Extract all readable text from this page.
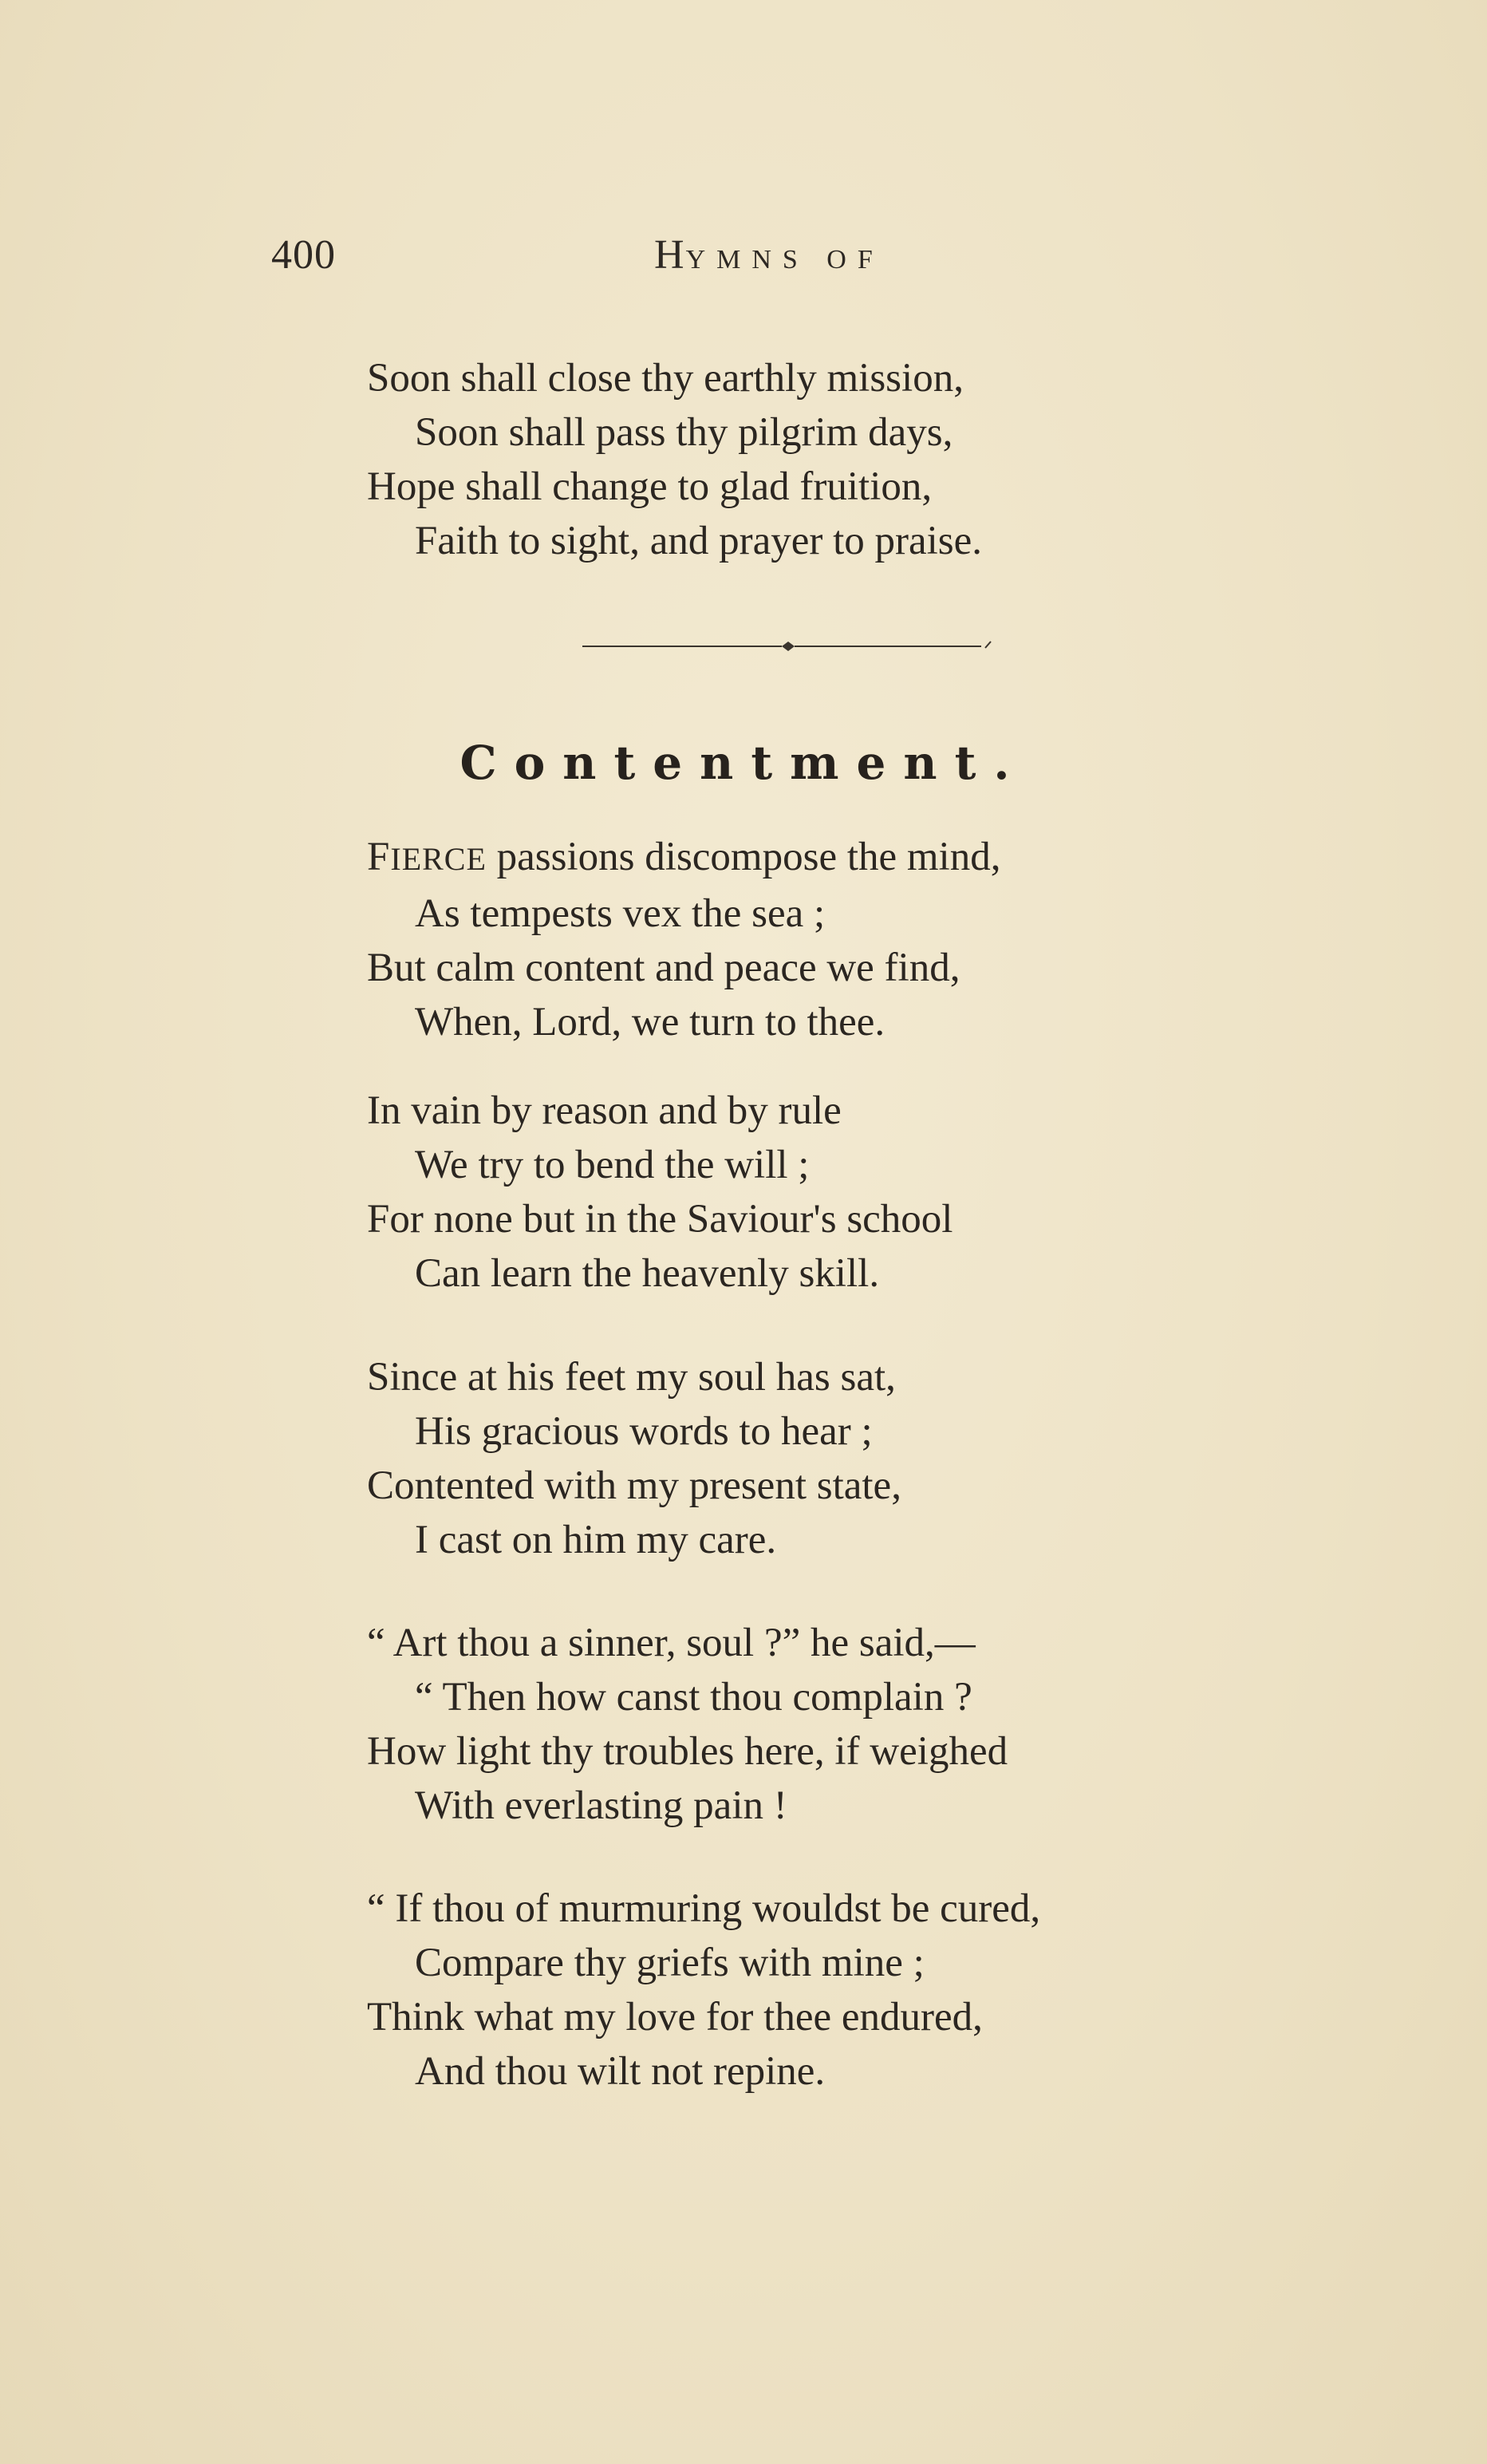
400	HYMNS OF
Soon shall close thy earthly mission,
Soon shall pass thy pilgrim days,
Hope shall change to glad fruition,
Faith to sight, and prayer to praise.
Contentment.
FIERCE passions discompose the mind,
As tempests vex the sea ;
But calm content and peace we find,
When, Lord, we turn to thee.
In vain by reason and by rule
We try to bend the will ;
For none but in the Saviour's school
Can learn the heavenly skill.
Since at his feet my soul has sat,
His gracious words to hear ;
Contented with my present state,
I cast on him my care.
“ Art thou a sinner, soul ?” he said,—
“ Then how canst thou complain ?
How light thy troubles here, if weighed
With everlasting pain !
“ If thou of murmuring wouldst be cured,
Compare thy griefs with mine ;
Think what my love for thee endured,
And thou wilt not repine.
